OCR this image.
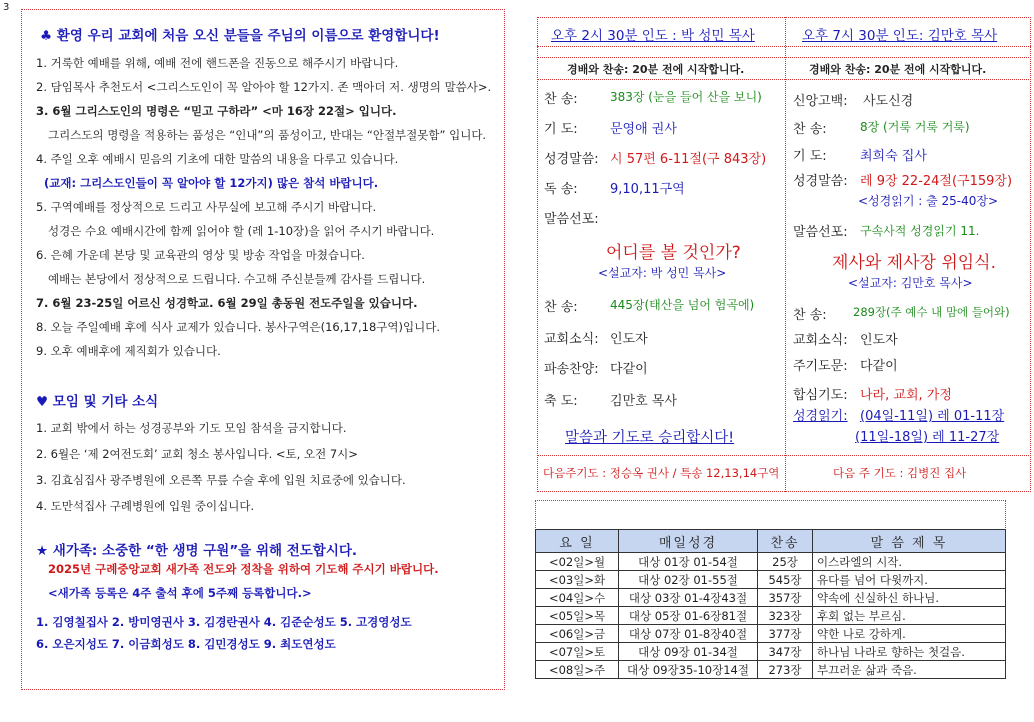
3
♣ 환영 우리 교회에 처음 오신 분들을 주님의 이름으로 환영합니다!
1. 거룩한 예배를 위해, 예배 전에 핸드폰을 진동으로 해주시기 바랍니다.
2. 담임목사 추천도서 <그리스도인이 꼭 알아야 할 12가지. 존 맥아더 저. 생명의 말씀사>.
3. 6월 그리스도인의 명령은 “믿고 구하라” <마 16장 22절> 입니다.
그리스도의 명령을 적용하는 품성은 “인내”의 품성이고, 반대는 “안절부절못함” 입니다.
4. 주일 오후 예배시 믿음의 기초에 대한 말씀의 내용을 다루고 있습니다.
(교재: 그리스도인들이 꼭 알아야 할 12가지) 많은 참석 바랍니다.
5. 구역예배를 정상적으로 드리고 사무실에 보고해 주시기 바랍니다.
성경은 수요 예배시간에 함께 읽어야 할 (레 1-10장)을 읽어 주시기 바랍니다.
6. 은혜 가운데 본당 및 교육관의 영상 및 방송 작업을 마쳤습니다.
예배는 본당에서 정상적으로 드립니다. 수고해 주신분들께 감사를 드립니다.
7. 6월 23-25일 어르신 성경학교. 6월 29일 총동원 전도주일을 있습니다.
8. 오늘 주일예배 후에 식사 교제가 있습니다. 봉사구역은(16,17,18구역)입니다.
9. 오후 예배후에 제직회가 있습니다.
♥ 모임 및 기타 소식
1. 교회 밖에서 하는 성경공부와 기도 모임 참석을 금지합니다.
2. 6월은 ‘제 2여전도회’ 교회 청소 봉사입니다. <토, 오전 7시>
3. 김효심집사 광주병원에 오른쪽 무릎 수술 후에 입원 치료중에 있습니다.
4. 도만석집사 구례병원에 입원 중이십니다.
★ 새가족: 소중한 “한 생명 구원”을 위해 전도합시다.
2025년 구례중앙교회 새가족 전도와 정착을 위하여 기도해 주시기 바랍니다.
<새가족 등록은 4주 출석 후에 5주째 등록합니다.>
1. 김영칠집사 2. 방미영권사 3. 김경란권사 4. 김준순성도 5. 고경영성도
6. 오은지성도 7. 이금희성도 8. 김민경성도 9. 최도연성도
오후 2시 30분 인도 : 박 성민 목사
경배와 찬송: 20분 전에 시작합니다.
찬 송:	383장 (눈을 들어 산을 보니)
기 도: 문영애 권사
성경말씀: 시 57편 6-11절(구 843장)
독 송: 9,10,11구역
말씀선포:
어디를 볼 것인가?
<설교자: 박 성민 목사>
찬 송:	445장(태산을 넘어 험곡에)
교회소식: 인도자
파송찬양: 다같이
축 도: 김만호 목사
말씀과 기도로 승리합시다!
다음주기도 : 정승옥 권사 / 특송 12,13,14구역
오후 7시 30분 인도: 김만호 목사
경배와 찬송: 20분 전에 시작합니다.
신앙고백: 사도신경
찬 송:	8장 (거룩 거룩 거룩)
기 도:	최희숙 집사
성경말씀: 레 9장 22-24절(구159장)
<성경읽기 : 출 25-40장>
말씀선포: 구속사적 성경읽기 11.
제사와 제사장 위임식.
<설교자: 김만호 목사>
찬 송: 289장(주 예수 내 맘에 들어와)
교회소식: 인도자
주기도문: 다같이
합심기도: 나라, 교회, 가정
성경읽기: (04일-11일) 레 01-11장
(11일-18일) 레 11-27장
다음 주 기도 : 김병진 집사
요 일	매일성경	찬송	말 씀 제 목
<02일>월	대상 01장 01-54절	25장	이스라엘의 시작.
<03일>화	대상 02장 01-55절	545장	유다를 넘어 다윗까지.
<04일>수	대상 03장 01-4장43절	357장	약속에 신실하신 하나님.
<05일>목	대상 05장 01-6장81절	323장	후회 없는 부르심.
<06일>금	대상 07장 01-8장40절	377장	약한 나로 강하게.
<07일>토	대상 09장 01-34절	347장	하나님 나라로 향하는 첫걸음.
<08일>주	대상 09장35-10장14절	273장	부끄러운 삶과 죽음.
